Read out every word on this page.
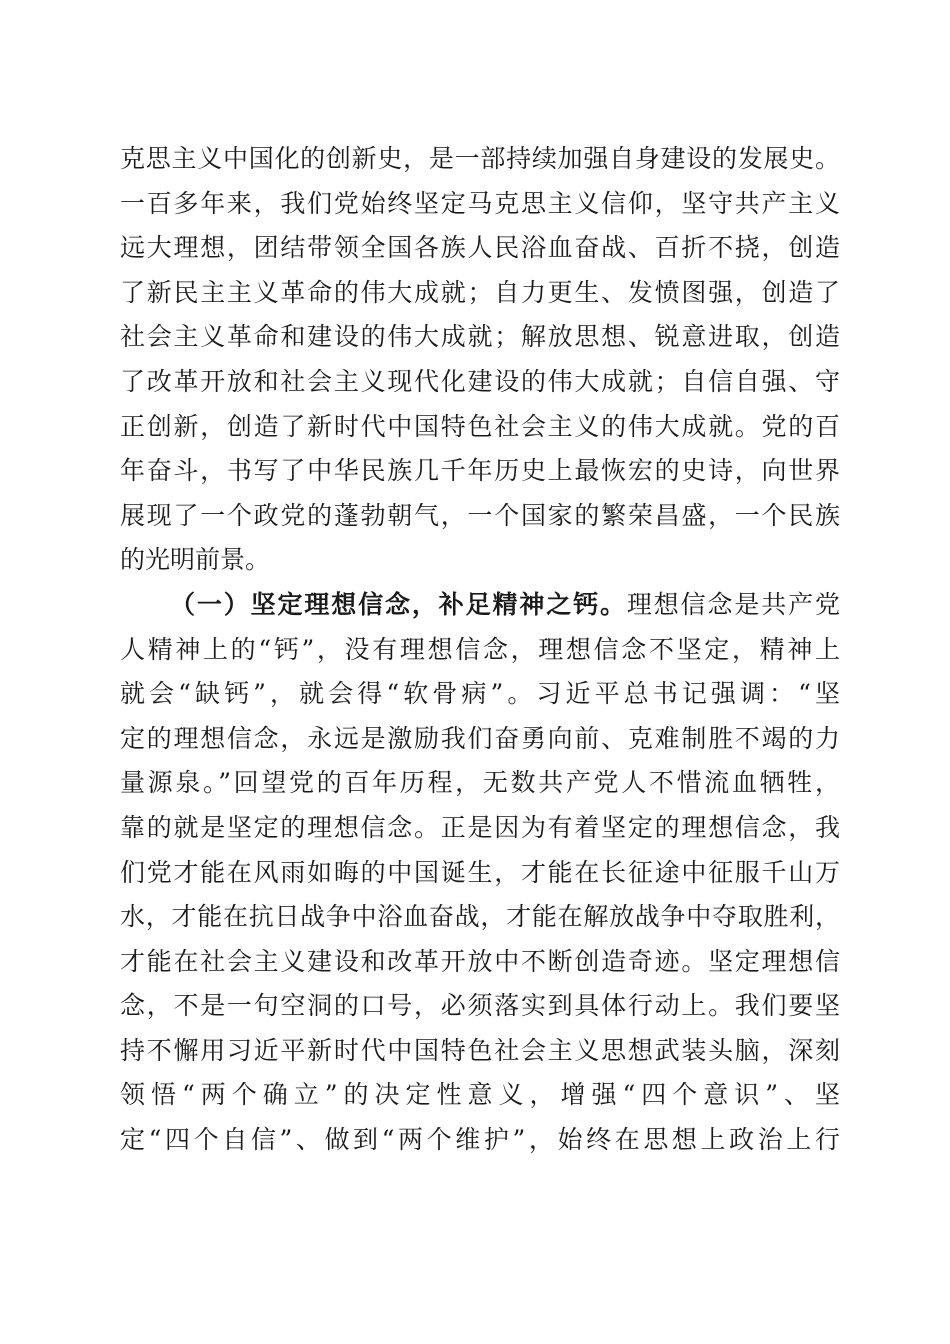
克思主义中国化的创新史，是一部持续加强自身建设的发展史。
一百多年来，我们党始终坚定马克思主义信仰，坚守共产主义
远大理想，团结带领全国各族人民浴血奋战、百折不挠，创造
了新民主主义革命的伟大成就；自力更生、发愤图强，创造了
社会主义革命和建设的伟大成就；解放思想、锐意进取，创造
了改革开放和社会主义现代化建设的伟大成就；自信自强、守
正创新，创造了新时代中国特色社会主义的伟大成就。党的百
年奋斗，书写了中华民族几千年历史上最恢宏的史诗，向世界
展现了一个政党的蓬勃朝气，一个国家的繁荣昌盛，一个民族
的光明前景。
（一）坚定理想信念，补足精神之钙。理想信念是共产党
人精神上的“钙”，没有理想信念，理想信念不坚定，精神上
就会“缺钙”，就会得“软骨病”。习近平总书记强调：“坚
定的理想信念，永远是激励我们奋勇向前、克难制胜不竭的力
量源泉。”回望党的百年历程，无数共产党人不惜流血牺牲，
靠的就是坚定的理想信念。正是因为有着坚定的理想信念，我
们党才能在风雨如晦的中国诞生，才能在长征途中征服千山万
水，才能在抗日战争中浴血奋战，才能在解放战争中夺取胜利，
才能在社会主义建设和改革开放中不断创造奇迹。坚定理想信
念，不是一句空洞的口号，必须落实到具体行动上。我们要坚
持不懈用习近平新时代中国特色社会主义思想武装头脑，深刻
领悟“两个确立”的决定性意义，增强“四个意识”、坚
定“四个自信”、做到“两个维护”，始终在思想上政治上行
